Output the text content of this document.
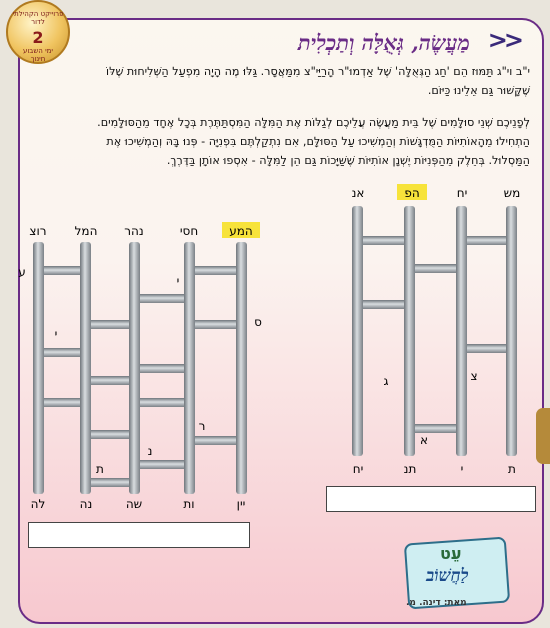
פרוייקט הקהילתי לדור
2
ימי השבוע
חינוך
>>
מַעֲשֶׂה, גְּאֻלָּה וְתַכְלִית
י"ב וי"ג תַּמּוּז הֵם 'חַג הַגְּאֻלָּה' שֶׁל אַדְמוּ"ר הָרַיַּי"צ מִמַּאֲסָר. גַּלּוּ מֶה הָיָה מִפְעַל הַשְּׁלִיחוּת שֶׁלּוֹ
שֶׁקָּשׁוּר גַּם אֵלֵינוּ כַּיּוֹם.
לְפָנֵיכֶם שְׁנֵי סוּלָּמִים שֶׁל בֵּית מַעֲשֶׂה עֲלֵיכֶם לְגַלּוֹת אֶת הַמִּלָּה הַמִּסְתַּתֶּרֶת בְּכָל אֶחָד מֵהַסּוּלָּמִים.
הַתְחִילוּ מֵהָאוֹתִיּוֹת הַמֻּדְגָּשׁוֹת וְהַמְשִׁיכוּ עַל הַסּוּלָּם, אִם נִתְקַלְתֶּם בִּפְנִיָּה - פְּנוּ בָּהּ וְהַמְשִׁיכוּ אֶת
הַמַּסְלוּל. בְּחֵלֶק מֵהַפְּנִיּוֹת יֶשְׁנָן אוֹתִיּוֹת שֶׁשַּׁיָּכוֹת גַּם הֵן לַמִּלָּה - אִסְפוּ אוֹתָן בַּדֶּרֶךְ.
רוצ המל נהר	חסי	המע
לה	נה	שה	ות	יין
ע
י
ס
י
ר
נ
ת
אנ	הפ	יח	מש
יח	תנ	י	ת
ג	צ
א
עֵט
לַחֲשׁוֹב
מאת: דינה. מ.
